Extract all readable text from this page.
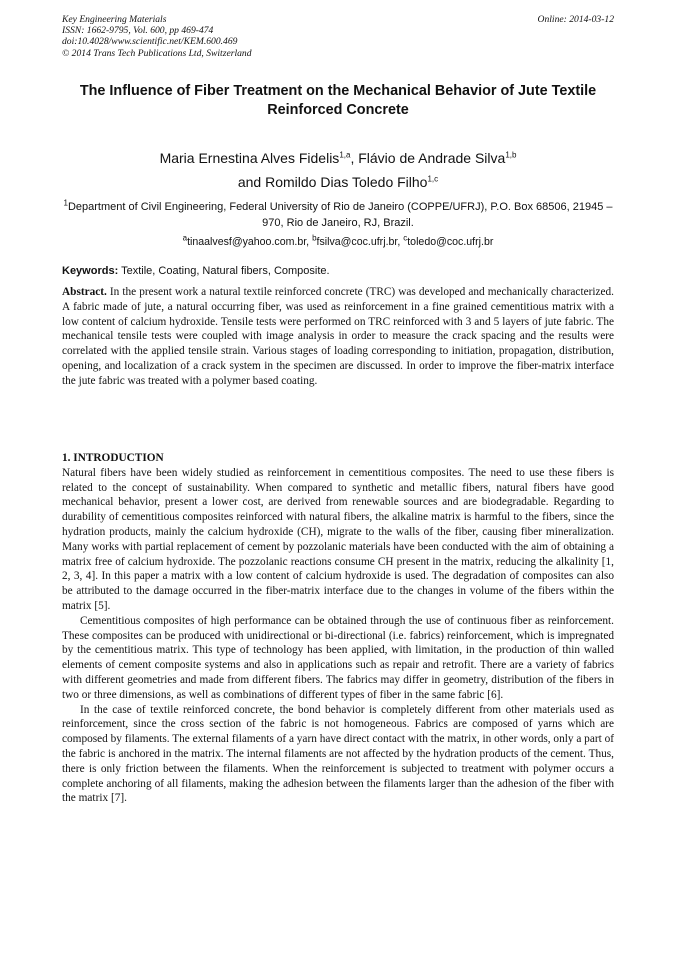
Key Engineering Materials
ISSN: 1662-9795, Vol. 600, pp 469-474
doi:10.4028/www.scientific.net/KEM.600.469
© 2014 Trans Tech Publications Ltd, Switzerland
Online: 2014-03-12
The Influence of Fiber Treatment on the Mechanical Behavior of Jute Textile Reinforced Concrete
Maria Ernestina Alves Fidelis$^{1,a}$, Flávio de Andrade Silva$^{1,b}$
and Romildo Dias Toledo Filho$^{1,c}$
$^1$Department of Civil Engineering, Federal University of Rio de Janeiro (COPPE/UFRJ), P.O. Box 68506, 21945 – 970, Rio de Janeiro, RJ, Brazil.
$^a$tinaalvesf@yahoo.com.br, $^b$fsilva@coc.ufrj.br, $^c$toledo@coc.ufrj.br
Keywords: Textile, Coating, Natural fibers, Composite.
Abstract. In the present work a natural textile reinforced concrete (TRC) was developed and mechanically characterized. A fabric made of jute, a natural occurring fiber, was used as reinforcement in a fine grained cementitious matrix with a low content of calcium hydroxide. Tensile tests were performed on TRC reinforced with 3 and 5 layers of jute fabric. The mechanical tensile tests were coupled with image analysis in order to measure the crack spacing and the results were correlated with the applied tensile strain. Various stages of loading corresponding to initiation, propagation, distribution, opening, and localization of a crack system in the specimen are discussed. In order to improve the fiber-matrix interface the jute fabric was treated with a polymer based coating.
1. INTRODUCTION

Natural fibers have been widely studied as reinforcement in cementitious composites. The need to use these fibers is related to the concept of sustainability. When compared to synthetic and metallic fibers, natural fibers have good mechanical behavior, present a lower cost, are derived from renewable sources and are biodegradable. Regarding to durability of cementitious composites reinforced with natural fibers, the alkaline matrix is harmful to the fibers, since the hydration products, mainly the calcium hydroxide (CH), migrate to the walls of the fiber, causing fiber mineralization. Many works with partial replacement of cement by pozzolanic materials have been conducted with the aim of obtaining a matrix free of calcium hydroxide. The pozzolanic reactions consume CH present in the matrix, reducing the alkalinity [1, 2, 3, 4]. In this paper a matrix with a low content of calcium hydroxide is used. The degradation of composites can also be attributed to the damage occurred in the fiber-matrix interface due to the changes in volume of the fibers within the matrix [5].

Cementitious composites of high performance can be obtained through the use of continuous fiber as reinforcement. These composites can be produced with unidirectional or bi-directional (i.e. fabrics) reinforcement, which is impregnated by the cementitious matrix. This type of technology has been applied, with limitation, in the production of thin walled elements of cement composite systems and also in applications such as repair and retrofit. There are a variety of fabrics with different geometries and made from different fibers. The fabrics may differ in geometry, distribution of the fibers in two or three dimensions, as well as combinations of different types of fiber in the same fabric [6].

In the case of textile reinforced concrete, the bond behavior is completely different from other materials used as reinforcement, since the cross section of the fabric is not homogeneous. Fabrics are composed of yarns which are composed by filaments. The external filaments of a yarn have direct contact with the matrix, in other words, only a part of the fabric is anchored in the matrix. The internal filaments are not affected by the hydration products of the cement. Thus, there is only friction between the filaments. When the reinforcement is subjected to treatment with polymer occurs a complete anchoring of all filaments, making the adhesion between the filaments larger than the adhesion of the fiber with the matrix [7].
